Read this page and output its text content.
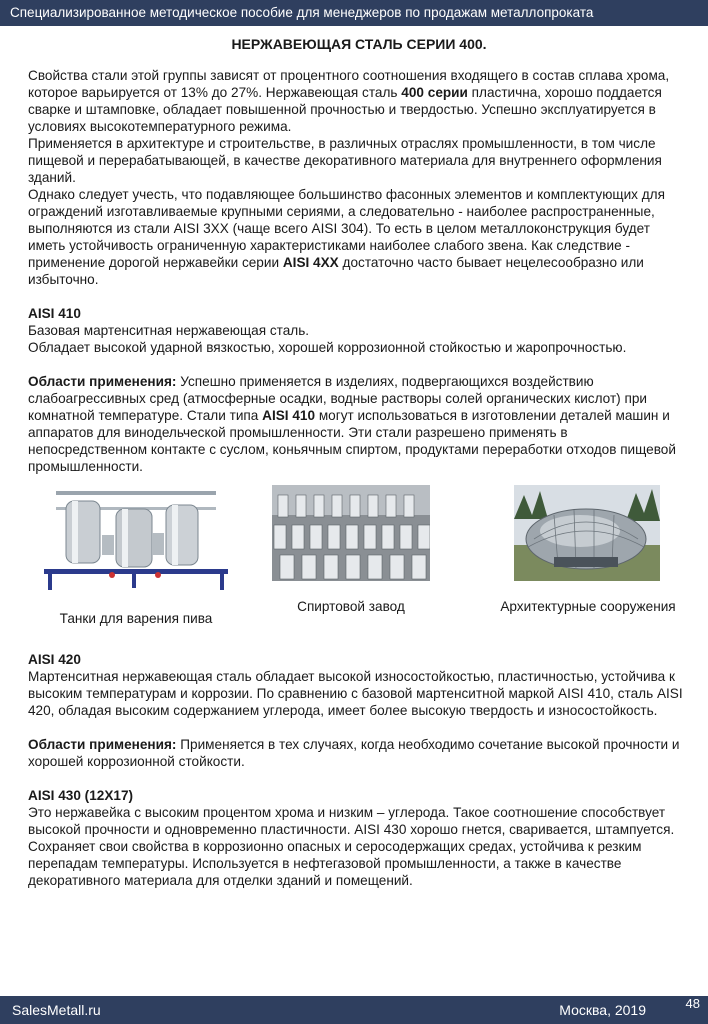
Специализированное методическое пособие для менеджеров по продажам металлопроката

НЕРЖАВЕЮЩАЯ СТАЛЬ СЕРИИ 400.

Свойства стали этой группы зависят от процентного соотношения входящего в состав сплава хрома, которое варьируется от 13% до 27%. Нержавеющая сталь 400 серии пластична, хорошо поддается сварке и штамповке, обладает повышенной прочностью и твердостью. Успешно эксплуатируется в условиях высокотемпературного режима.

Применяется в архитектуре и строительстве, в различных отраслях промышленности, в том числе пищевой и перерабатывающей, в качестве декоративного материала для внутреннего оформления зданий.

Однако следует учесть, что подавляющее большинство фасонных элементов и комплектующих для ограждений изготавливаемые крупными сериями, а следовательно - наиболее распространенные, выполняются из стали AISI 3XX (чаще всего AISI 304). То есть в целом металлоконструкция будет иметь устойчивость ограниченную характеристиками наиболее слабого звена. Как следствие - применение дорогой нержавейки серии AISI 4XX достаточно часто бывает нецелесообразно или избыточно.

AISI 410

Базовая мартенситная нержавеющая сталь.

Обладает высокой ударной вязкостью, хорошей коррозионной стойкостью и жаропрочностью.

Области применения: Успешно применяется в изделиях, подвергающихся воздействию слабоагрессивных сред (атмосферные осадки, водные растворы солей органических кислот) при комнатной температуре. Стали типа AISI 410 могут использоваться в изготовлении деталей машин и аппаратов для винодельческой промышленности. Эти стали разрешено применять в непосредственном контакте с суслом, коньячным спиртом, продуктами переработки отходов пищевой промышленности.

Танки для варения пива
Спиртовой завод	Архитектурные сооружения

AISI 420

Мартенситная нержавеющая сталь обладает высокой износостойкостью, пластичностью, устойчива к высоким температурам и коррозии. По сравнению с базовой мартенситной маркой AISI 410, сталь AISI 420, обладая высоким содержанием углерода, имеет более высокую твердость и износостойкость.

Области применения: Применяется в тех случаях, когда необходимо сочетание высокой прочности и хорошей коррозионной стойкости.

AISI 430 (12Х17)

Это нержавейка с высоким процентом хрома и низким – углерода. Такое соотношение способствует высокой прочности и одновременно пластичности. AISI 430 хорошо гнется, сваривается, штампуется. Сохраняет свои свойства в коррозионно опасных и серосодержащих средах, устойчива к резким перепадам температуры. Используется в нефтегазовой промышленности, а также в качестве декоративного материала для отделки зданий и помещений.

SalesMetall.ru	Москва, 2019	48
